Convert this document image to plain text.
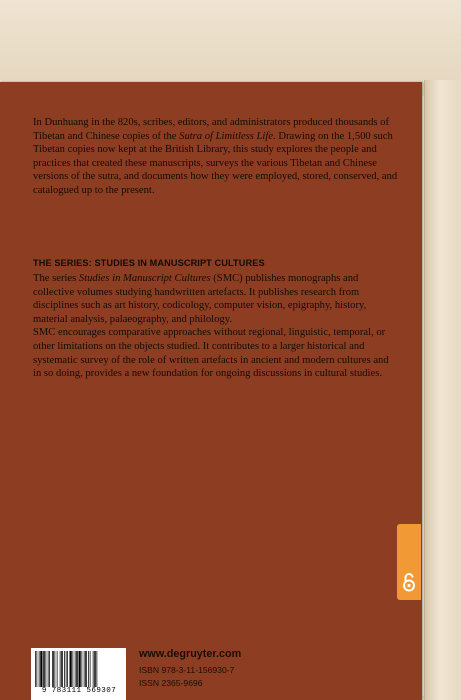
In Dunhuang in the 820s, scribes, editors, and administrators produced thousands of Tibetan and Chinese copies of the Sutra of Limitless Life. Drawing on the 1,500 such Tibetan copies now kept at the British Library, this study explores the people and practices that created these manuscripts, surveys the various Tibetan and Chinese versions of the sutra, and documents how they were employed, stored, conserved, and catalogued up to the present.

THE SERIES: STUDIES IN MANUSCRIPT CULTURES

The series Studies in Manuscript Cultures (SMC) publishes monographs and collective volumes studying handwritten artefacts. It publishes research from disciplines such as art history, codicology, computer vision, epigraphy, history, material analysis, palaeography, and philology.

SMC encourages comparative approaches without regional, linguistic, temporal, or other limitations on the objects studied. It contributes to a larger historical and systematic survey of the role of written artefacts in ancient and modern cultures and in so doing, provides a new foundation for ongoing discussions in cultural studies.

9 783111 569307

www.degruyter.com

ISBN 978-3-11-156930-7

ISSN 2365-9696
